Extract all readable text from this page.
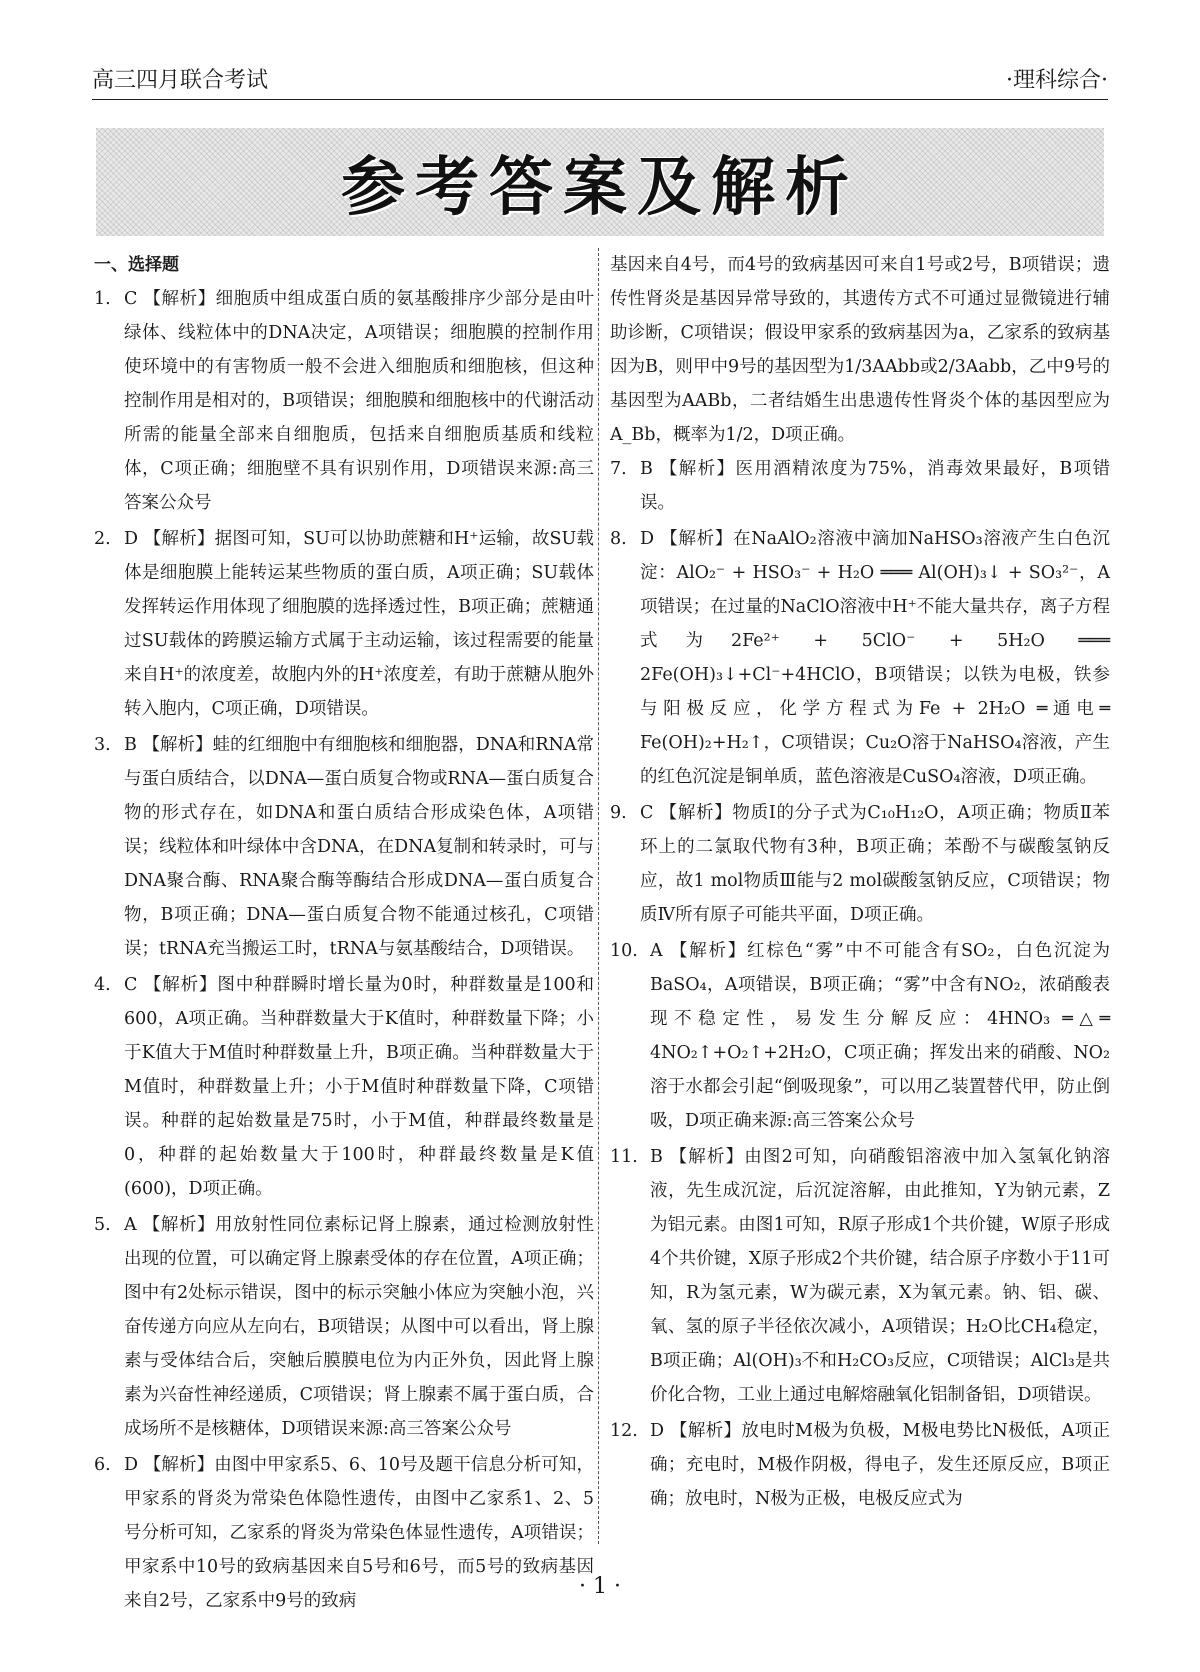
高三四月联合考试	·理科综合·
参考答案及解析
一、选择题
1. C 【解析】细胞质中组成蛋白质的氨基酸排序少部分是由叶绿体、线粒体中的DNA决定，A项错误；细胞膜的控制作用使环境中的有害物质一般不会进入细胞质和细胞核，但这种控制作用是相对的，B项错误；细胞膜和细胞核中的代谢活动所需的能量全部来自细胞质，包括来自细胞质基质和线粒体，C项正确；细胞壁不具有识别作用，D项错误来源:高三答案公众号
2. D 【解析】据图可知，SU可以协助蔗糖和H⁺运输，故SU载体是细胞膜上能转运某些物质的蛋白质，A项正确；SU载体发挥转运作用体现了细胞膜的选择透过性，B项正确；蔗糖通过SU载体的跨膜运输方式属于主动运输，该过程需要的能量来自H⁺的浓度差，故胞内外的H⁺浓度差，有助于蔗糖从胞外转入胞内，C项正确，D项错误。
3. B 【解析】蛙的红细胞中有细胞核和细胞器，DNA和RNA常与蛋白质结合，以DNA—蛋白质复合物或RNA—蛋白质复合物的形式存在，如DNA和蛋白质结合形成染色体，A项错误；线粒体和叶绿体中含DNA，在DNA复制和转录时，可与DNA聚合酶、RNA聚合酶等酶结合形成DNA—蛋白质复合物，B项正确；DNA—蛋白质复合物不能通过核孔，C项错误；tRNA充当搬运工时，tRNA与氨基酸结合，D项错误。
4. C 【解析】图中种群瞬时增长量为0时，种群数量是100和600，A项正确。当种群数量大于K值时，种群数量下降；小于K值大于M值时种群数量上升，B项正确。当种群数量大于M值时，种群数量上升；小于M值时种群数量下降，C项错误。种群的起始数量是75时，小于M值，种群最终数量是0，种群的起始数量大于100时，种群最终数量是K值(600)，D项正确。
5. A 【解析】用放射性同位素标记肾上腺素，通过检测放射性出现的位置，可以确定肾上腺素受体的存在位置，A项正确；图中有2处标示错误，图中的标示突触小体应为突触小泡，兴奋传递方向应从左向右，B项错误；从图中可以看出，肾上腺素与受体结合后，突触后膜膜电位为内正外负，因此肾上腺素为兴奋性神经递质，C项错误；肾上腺素不属于蛋白质，合成场所不是核糖体，D项错误来源:高三答案公众号
6. D 【解析】由图中甲家系5、6、10号及题干信息分析可知，甲家系的肾炎为常染色体隐性遗传，由图中乙家系1、2、5号分析可知，乙家系的肾炎为常染色体显性遗传，A项错误；甲家系中10号的致病基因来自5号和6号，而5号的致病基因来自2号，乙家系中9号的致病
基因来自4号，而4号的致病基因可来自1号或2号，B项错误；遗传性肾炎是基因异常导致的，其遗传方式不可通过显微镜进行辅助诊断，C项错误；假设甲家系的致病基因为a，乙家系的致病基因为B，则甲中9号的基因型为1/3AAbb或2/3Aabb，乙中9号的基因型为AABb，二者结婚生出患遗传性肾炎个体的基因型应为A_Bb，概率为1/2，D项正确。
7. B 【解析】医用酒精浓度为75%，消毒效果最好，B项错误。
8. D 【解析】在NaAlO₂溶液中滴加NaHSO₃溶液产生白色沉淀：AlO₂⁻ + HSO₃⁻ + H₂O ═══ Al(OH)₃↓ + SO₃²⁻，A项错误；在过量的NaClO溶液中H⁺不能大量共存，离子方程式为2Fe²⁺ + 5ClO⁻ + 5H₂O ═══ 2Fe(OH)₃↓+Cl⁻+4HClO，B项错误；以铁为电极，铁参与阳极反应，化学方程式为Fe + 2H₂O ═通电═ Fe(OH)₂+H₂↑，C项错误；Cu₂O溶于NaHSO₄溶液，产生的红色沉淀是铜单质，蓝色溶液是CuSO₄溶液，D项正确。
9. C 【解析】物质Ⅰ的分子式为C₁₀H₁₂O，A项正确；物质Ⅱ苯环上的二氯取代物有3种，B项正确；苯酚不与碳酸氢钠反应，故1 mol物质Ⅲ能与2 mol碳酸氢钠反应，C项错误；物质Ⅳ所有原子可能共平面，D项正确。
10. A 【解析】红棕色“雾”中不可能含有SO₂，白色沉淀为BaSO₄，A项错误，B项正确；“雾”中含有NO₂，浓硝酸表现不稳定性，易发生分解反应：4HNO₃ ═△═ 4NO₂↑+O₂↑+2H₂O，C项正确；挥发出来的硝酸、NO₂溶于水都会引起“倒吸现象”，可以用乙装置替代甲，防止倒吸，D项正确来源:高三答案公众号
11. B 【解析】由图2可知，向硝酸铝溶液中加入氢氧化钠溶液，先生成沉淀，后沉淀溶解，由此推知，Y为钠元素，Z为铝元素。由图1可知，R原子形成1个共价键，W原子形成4个共价键，X原子形成2个共价键，结合原子序数小于11可知，R为氢元素，W为碳元素，X为氧元素。钠、铝、碳、氧、氢的原子半径依次减小，A项错误；H₂O比CH₄稳定，B项正确；Al(OH)₃不和H₂CO₃反应，C项错误；AlCl₃是共价化合物，工业上通过电解熔融氧化铝制备铝，D项错误。
12. D 【解析】放电时M极为负极，M极电势比N极低，A项正确；充电时，M极作阴极，得电子，发生还原反应，B项正确；放电时，N极为正极，电极反应式为
· 1 ·
